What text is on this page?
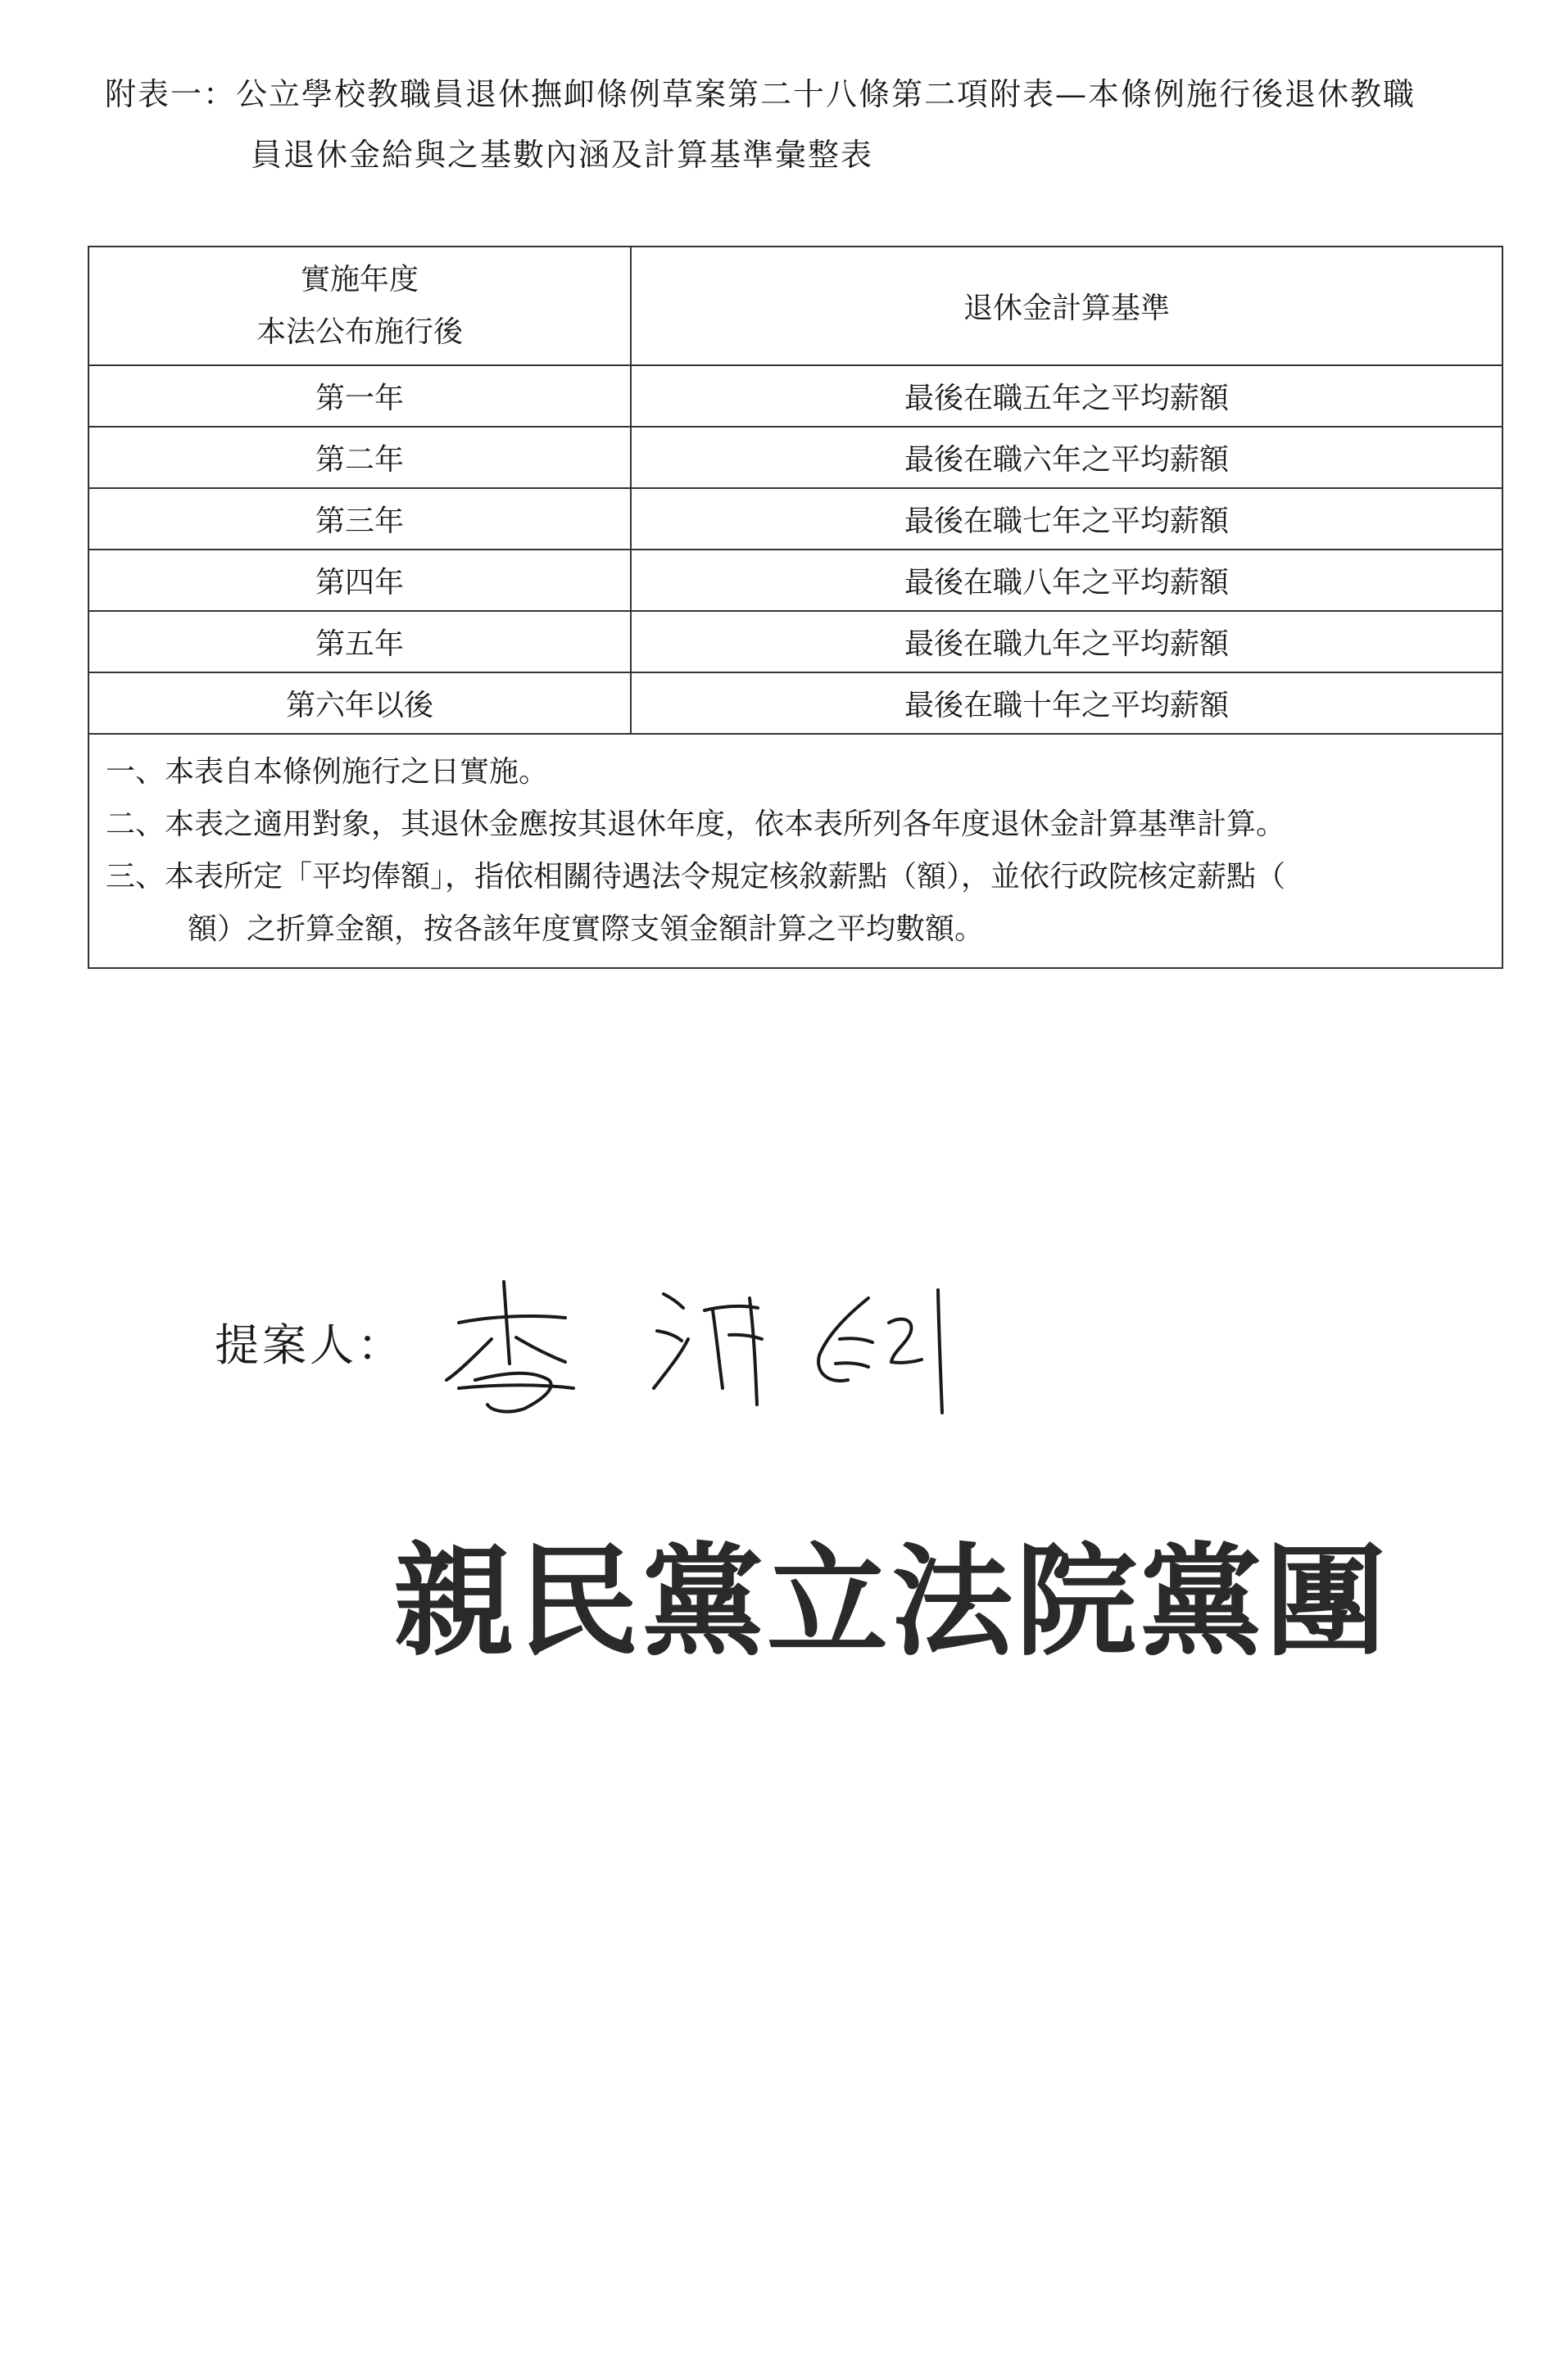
附表一：公立學校教職員退休撫卹條例草案第二十八條第二項附表—本條例施行後退休教職
員退休金給與之基數內涵及計算基準彙整表
實施年度
本法公布施行後	退休金計算基準
第一年	最後在職五年之平均薪額
第二年	最後在職六年之平均薪額
第三年	最後在職七年之平均薪額
第四年	最後在職八年之平均薪額
第五年	最後在職九年之平均薪額
第六年以後	最後在職十年之平均薪額

一、本表自本條例施行之日實施。
二、本表之適用對象，其退休金應按其退休年度，依本表所列各年度退休金計算基準計算。
三、本表所定「平均俸額」，指依相關待遇法令規定核敘薪點（額），並依行政院核定薪點（
額）之折算金額，按各該年度實際支領金額計算之平均數額。	
提案人：
親民黨立法院黨團
